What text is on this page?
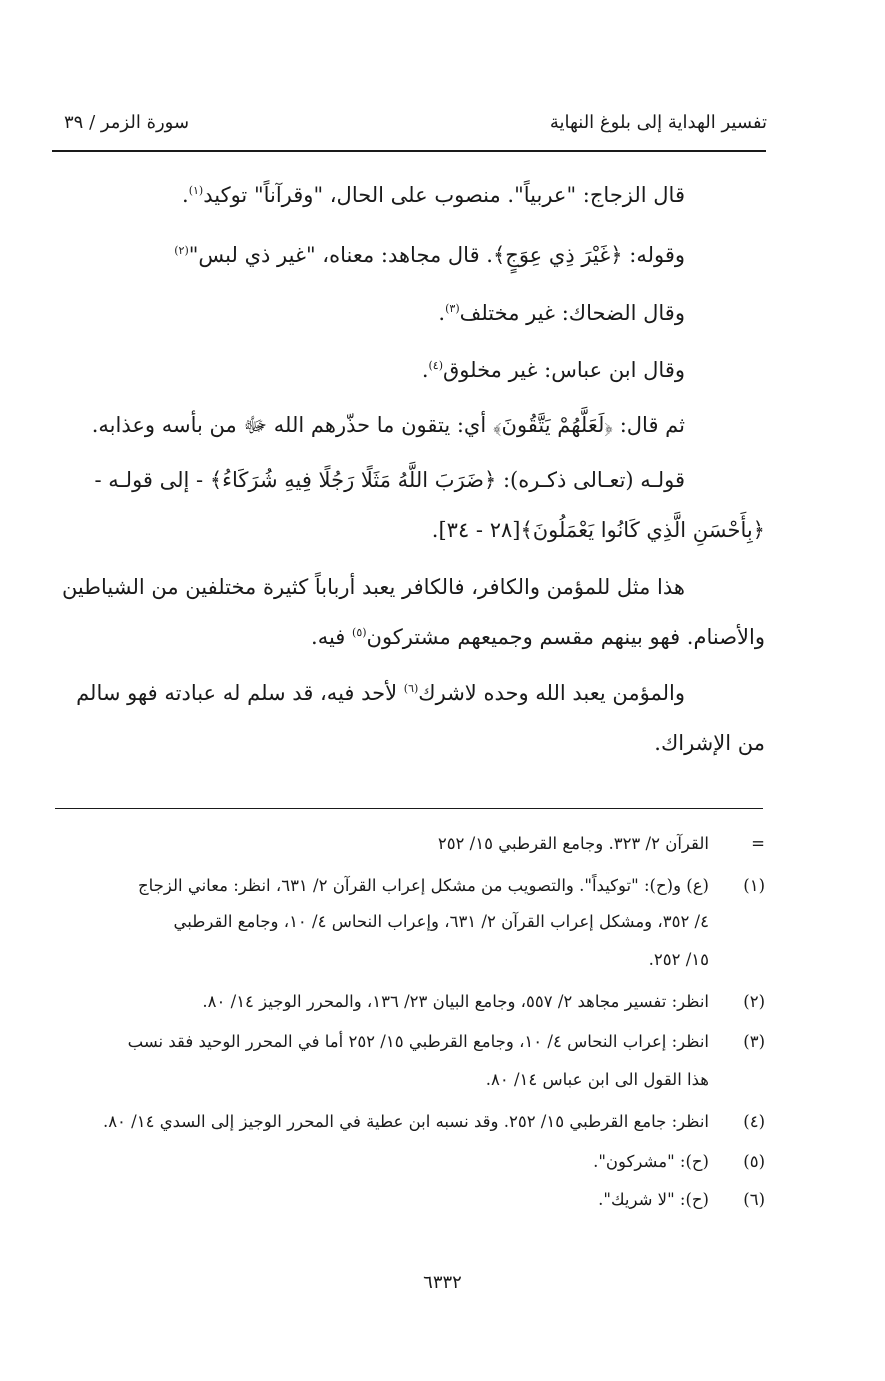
تفسير الهداية إلى بلوغ النهاية
سورة الزمر / ٣٩
قال الزجاج: "عربياً". منصوب على الحال، "وقرآناً" توكيد$^{(١)}$.
وقوله: ﴿غَيْرَ ذِي عِوَجٍ﴾. قال مجاهد: معناه، "غير ذي لبس"$^{(٢)}$
وقال الضحاك: غير مختلف$^{(٣)}$.
وقال ابن عباس: غير مخلوق$^{(٤)}$.
ثم قال: ﴿لَعَلَّهُمْ يَتَّقُونَ﴾ أي: يتقون ما حذّرهم الله ﷻ من بأسه وعذابه.
قولـه (تعـالى ذكـره): ﴿ضَرَبَ اللَّهُ مَثَلًا رَجُلًا فِيهِ شُرَكَاءُ﴾ - إلى قولـه -
﴿بِأَحْسَنِ الَّذِي كَانُوا يَعْمَلُونَ﴾[٢٨ - ٣٤].
هذا مثل للمؤمن والكافر، فالكافر يعبد أرباباً كثيرة مختلفين من الشياطين
والأصنام. فهو بينهم مقسم وجميعهم مشتركون$^{(٥)}$ فيه.
والمؤمن يعبد الله وحده لاشرك$^{(٦)}$ لأحد فيه، قد سلم له عبادته فهو سالم
من الإشراك.
=
القرآن ٢/ ٣٢٣. وجامع القرطبي ١٥/ ٢٥٢
(١)
(ع) و(ح): "توكيداً". والتصويب من مشكل إعراب القرآن ٢/ ٦٣١، انظر: معاني الزجاج
٤/ ٣٥٢، ومشكل إعراب القرآن ٢/ ٦٣١، وإعراب النحاس ٤/ ١٠، وجامع القرطبي
١٥/ ٢٥٢.
(٢)
انظر: تفسير مجاهد ٢/ ٥٥٧، وجامع البيان ٢٣/ ١٣٦، والمحرر الوجيز ١٤/ ٨٠.
(٣)
انظر: إعراب النحاس ٤/ ١٠، وجامع القرطبي ١٥/ ٢٥٢ أما في المحرر الوحيد فقد نسب
هذا القول الى ابن عباس ١٤/ ٨٠.
(٤)
انظر: جامع القرطبي ١٥/ ٢٥٢. وقد نسبه ابن عطية في المحرر الوجيز إلى السدي ١٤/ ٨٠.
(٥)
(ح): "مشركون".
(٦)
(ح): "لا شريك".
٦٣٣٢
